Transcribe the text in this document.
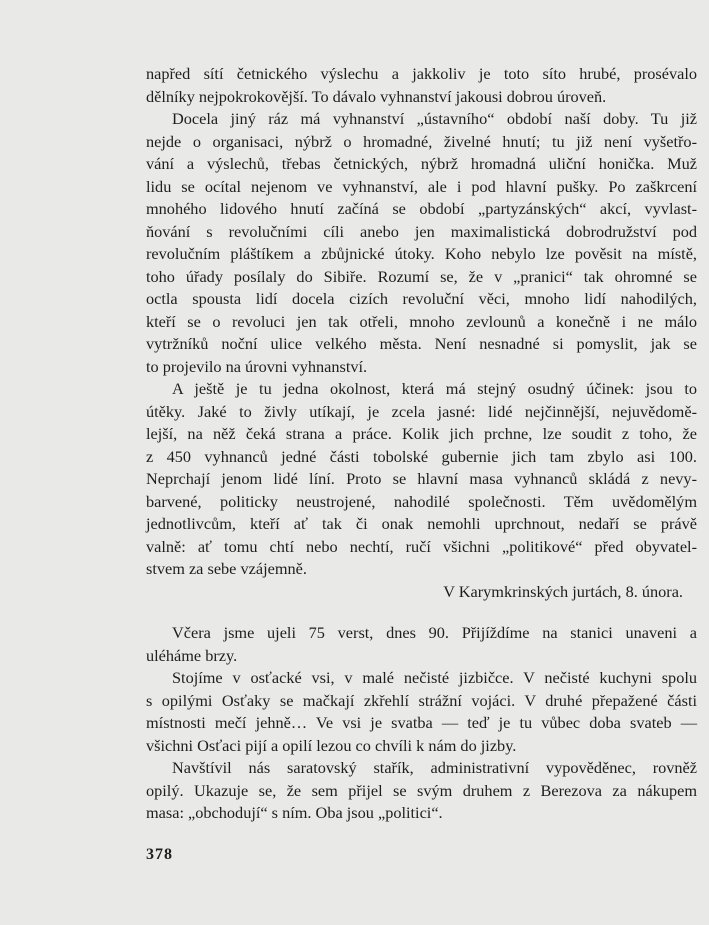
napřed sítí četnického výslechu a jakkoliv je toto síto hrubé, prosévalo
dělníky nejpokrokovější. To dávalo vyhnanství jakousi dobrou úroveň.
Docela jiný ráz má vyhnanství „ústavního“ období naší doby. Tu již
nejde o organisaci, nýbrž o hromadné, živelné hnutí; tu již není vyšetřo-
vání a výslechů, třebas četnických, nýbrž hromadná uliční honička. Muž
lidu se ocítal nejenom ve vyhnanství, ale i pod hlavní pušky. Po zaškrcení
mnohého lidového hnutí začíná se období „partyzánských“ akcí, vyvlast-
ňování s revolučními cíli anebo jen maximalistická dobrodružství pod
revolučním pláštíkem a zbůjnické útoky. Koho nebylo lze pověsit na místě,
toho úřady posílaly do Sibiře. Rozumí se, že v „pranici“ tak ohromné se
octla spousta lidí docela cizích revoluční věci, mnoho lidí nahodilých,
kteří se o revoluci jen tak otřeli, mnoho zevlounů a konečně i ne málo
vytržníků noční ulice velkého města. Není nesnadné si pomyslit, jak se
to projevilo na úrovni vyhnanství.
A ještě je tu jedna okolnost, která má stejný osudný účinek: jsou to
útěky. Jaké to živly utíkají, je zcela jasné: lidé nejčinnější, nejuvědomě-
lejší, na něž čeká strana a práce. Kolik jich prchne, lze soudit z toho, že
z 450 vyhnanců jedné části tobolské gubernie jich tam zbylo asi 100.
Neprchají jenom lidé líní. Proto se hlavní masa vyhnanců skládá z nevy-
barvené, politicky neustrojené, nahodilé společnosti. Těm uvědomělým
jednotlivcům, kteří ať tak či onak nemohli uprchnout, nedaří se právě
valně: ať tomu chtí nebo nechtí, ručí všichni „politikové“ před obyvatel-
stvem za sebe vzájemně.
V Karymkrinských jurtách, 8. února.
Včera jsme ujeli 75 verst, dnes 90. Přijíždíme na stanici unaveni a
uléháme brzy.
Stojíme v osťacké vsi, v malé nečisté jizbičce. V nečisté kuchyni spolu
s opilými Osťaky se mačkají zkřehlí strážní vojáci. V druhé přepažené části
místnosti mečí jehně… Ve vsi je svatba — teď je tu vůbec doba svateb —
všichni Osťaci pijí a opilí lezou co chvíli k nám do jizby.
Navštívil nás saratovský stařík, administrativní vypověděnec, rovněž
opilý. Ukazuje se, že sem přijel se svým druhem z Berezova za nákupem
masa: „obchodují“ s ním. Oba jsou „politici“.
378
